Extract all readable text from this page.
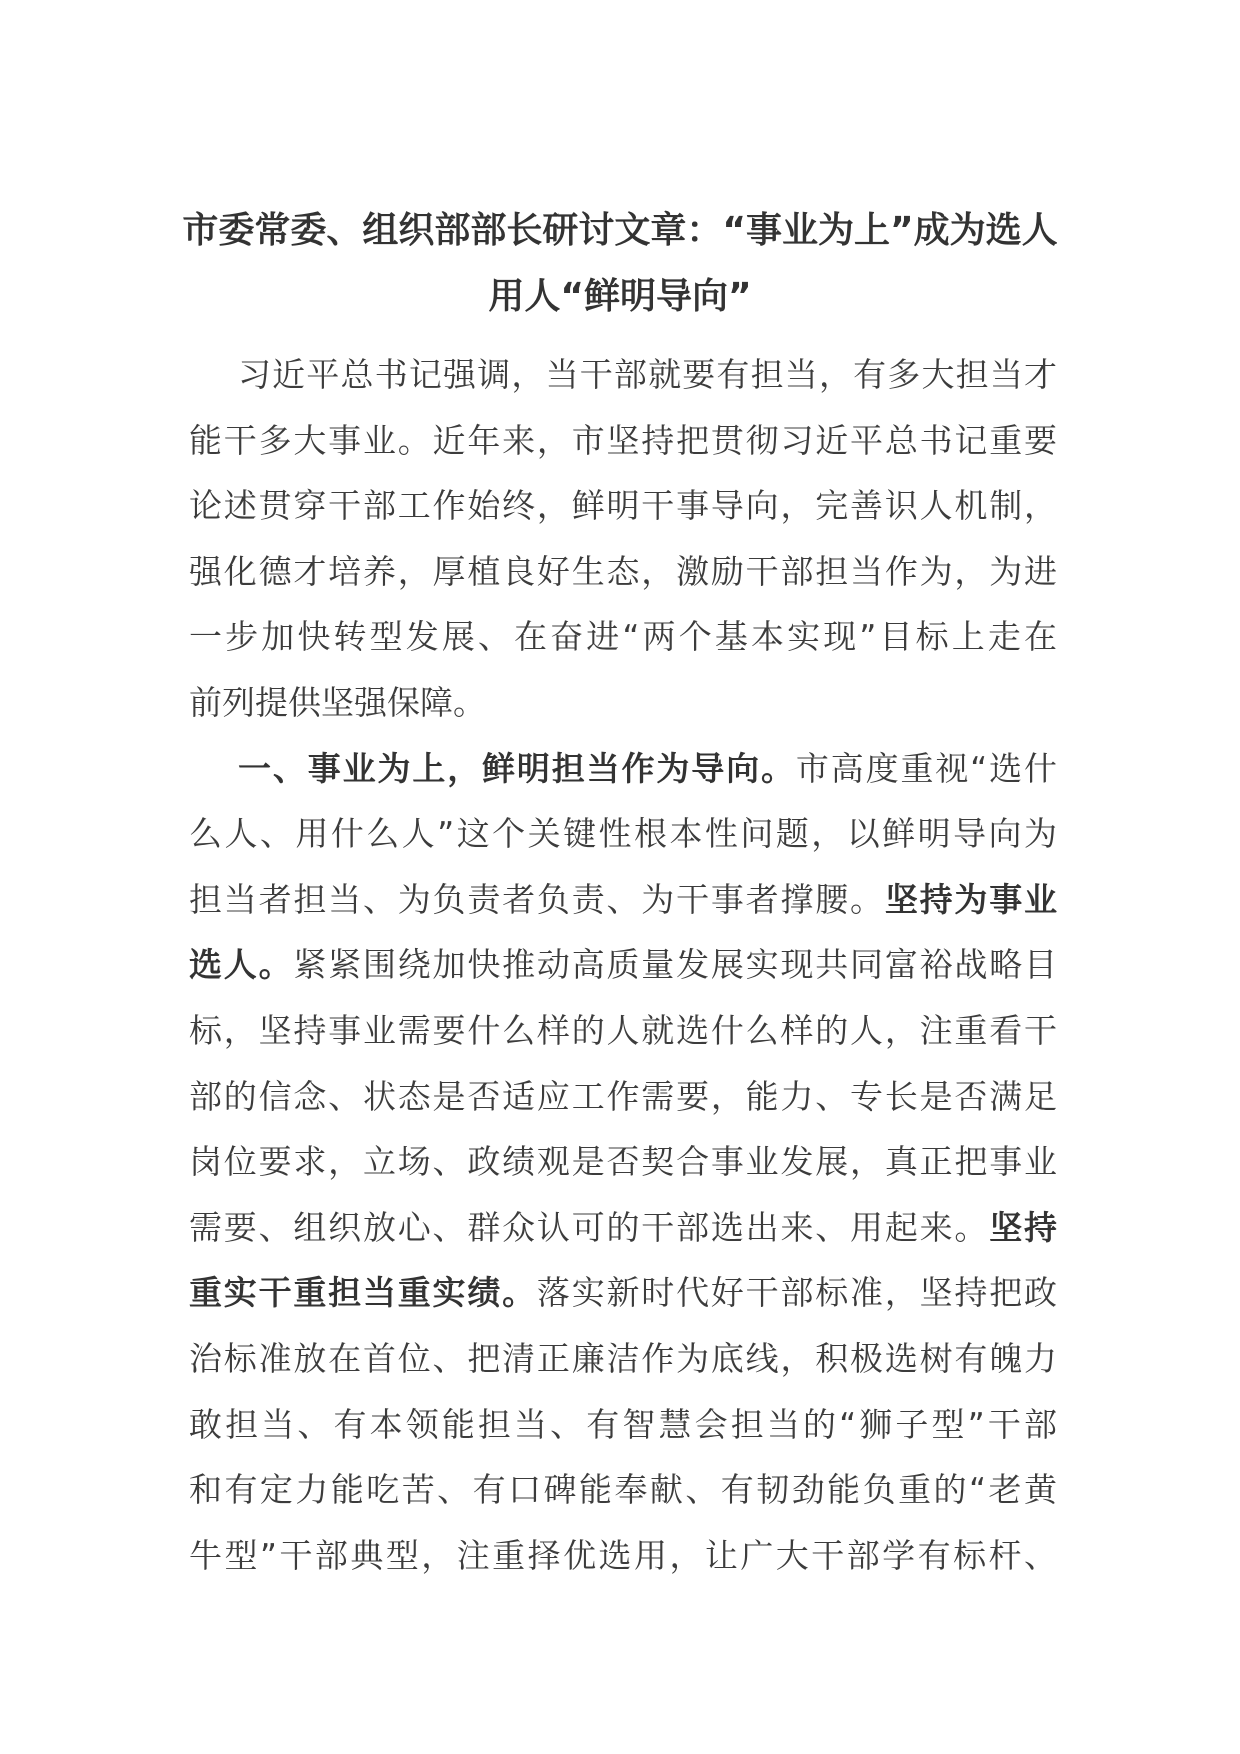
市委常委、组织部部长研讨文章：“事业为上”成为选人
用人“鲜明导向”
习近平总书记强调，当干部就要有担当，有多大担当才
能干多大事业。近年来，市坚持把贯彻习近平总书记重要
论述贯穿干部工作始终，鲜明干事导向，完善识人机制，
强化德才培养，厚植良好生态，激励干部担当作为，为进
一步加快转型发展、在奋进“两个基本实现”目标上走在
前列提供坚强保障。
一、事业为上，鲜明担当作为导向。市高度重视“选什
么人、用什么人”这个关键性根本性问题，以鲜明导向为
担当者担当、为负责者负责、为干事者撑腰。坚持为事业
选人。紧紧围绕加快推动高质量发展实现共同富裕战略目
标，坚持事业需要什么样的人就选什么样的人，注重看干
部的信念、状态是否适应工作需要，能力、专长是否满足
岗位要求，立场、政绩观是否契合事业发展，真正把事业
需要、组织放心、群众认可的干部选出来、用起来。坚持
重实干重担当重实绩。落实新时代好干部标准，坚持把政
治标准放在首位、把清正廉洁作为底线，积极选树有魄力
敢担当、有本领能担当、有智慧会担当的“狮子型”干部
和有定力能吃苦、有口碑能奉献、有韧劲能负重的“老黄
牛型”干部典型，注重择优选用，让广大干部学有标杆、
